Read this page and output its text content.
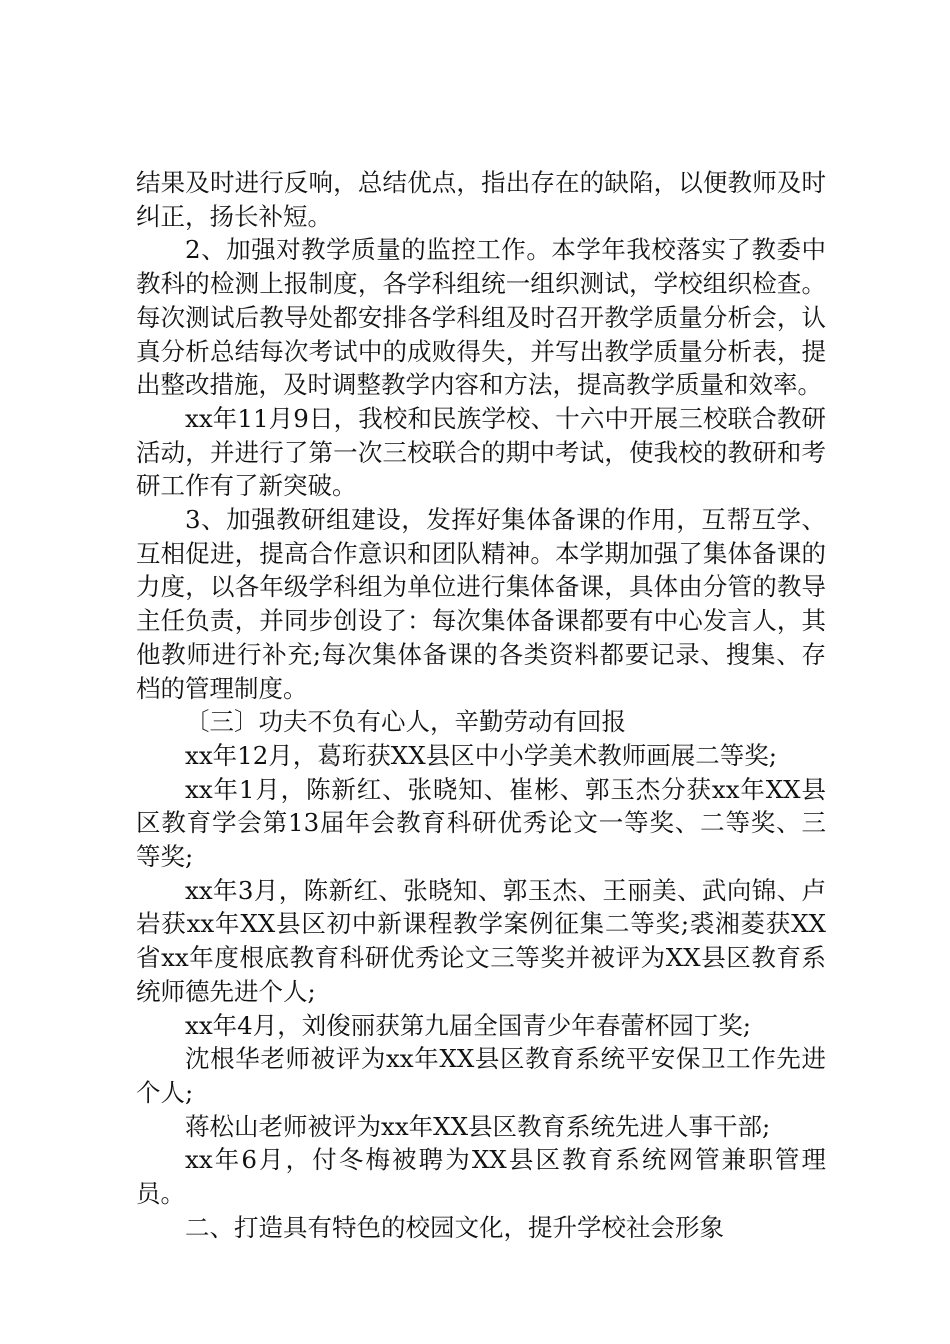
结果及时进行反响，总结优点，指出存在的缺陷，以便教师及时纠正，扬长补短。

2、加强对教学质量的监控工作。本学年我校落实了教委中教科的检测上报制度，各学科组统一组织测试，学校组织检查。每次测试后教导处都安排各学科组及时召开教学质量分析会，认真分析总结每次考试中的成败得失，并写出教学质量分析表，提出整改措施，及时调整教学内容和方法，提高教学质量和效率。

xx年11月9日，我校和民族学校、十六中开展三校联合教研活动，并进行了第一次三校联合的期中考试，使我校的教研和考研工作有了新突破。

3、加强教研组建设，发挥好集体备课的作用，互帮互学、互相促进，提高合作意识和团队精神。本学期加强了集体备课的力度，以各年级学科组为单位进行集体备课，具体由分管的教导主任负责，并同步创设了：每次集体备课都要有中心发言人，其他教师进行补充;每次集体备课的各类资料都要记录、搜集、存档的管理制度。

〔三〕功夫不负有心人，辛勤劳动有回报

xx年12月，葛珩获XX县区中小学美术教师画展二等奖;

xx年1月，陈新红、张晓知、崔彬、郭玉杰分获xx年XX县区教育学会第13届年会教育科研优秀论文一等奖、二等奖、三等奖;

xx年3月，陈新红、张晓知、郭玉杰、王丽美、武向锦、卢岩获xx年XX县区初中新课程教学案例征集二等奖;裘湘菱获XX省xx年度根底教育科研优秀论文三等奖并被评为XX县区教育系统师德先进个人;

xx年4月，刘俊丽获第九届全国青少年春蕾杯园丁奖;

沈根华老师被评为xx年XX县区教育系统平安保卫工作先进个人;

蒋松山老师被评为xx年XX县区教育系统先进人事干部;

xx年6月，付冬梅被聘为XX县区教育系统网管兼职管理员。

二、打造具有特色的校园文化，提升学校社会形象
